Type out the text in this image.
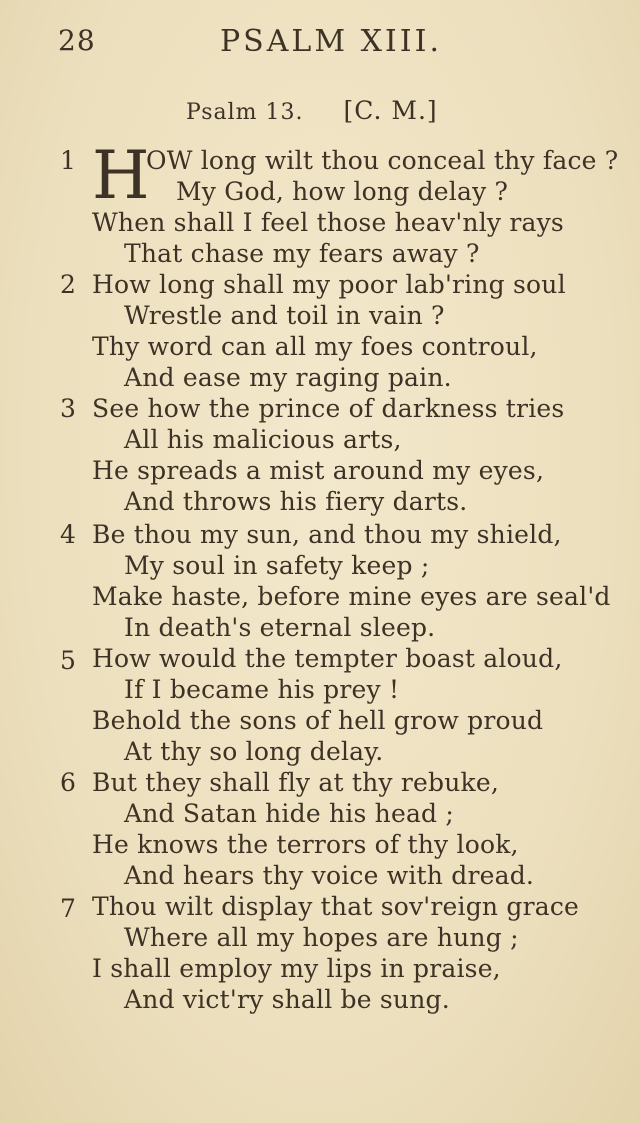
28	PSALM XIII.
Psalm 13. [C. M.]
H
1	OW long wilt thou conceal thy face ?
My God, how long delay ?
When shall I feel those heav'nly rays
That chase my fears away ?
2 How long shall my poor lab'ring soul
Wrestle and toil in vain ?
Thy word can all my foes controul,
And ease my raging pain.
3 See how the prince of darkness tries
All his malicious arts,
He spreads a mist around my eyes,
And throws his fiery darts.
4 Be thou my sun, and thou my shield,
My soul in safety keep ;
Make haste, before mine eyes are seal'd
In death's eternal sleep.
5 How would the tempter boast aloud,
If I became his prey !
Behold the sons of hell grow proud
At thy so long delay.
6 But they shall fly at thy rebuke,
And Satan hide his head ;
He knows the terrors of thy look,
And hears thy voice with dread.
7 Thou wilt display that sov'reign grace
Where all my hopes are hung ;
I shall employ my lips in praise,
And vict'ry shall be sung.
